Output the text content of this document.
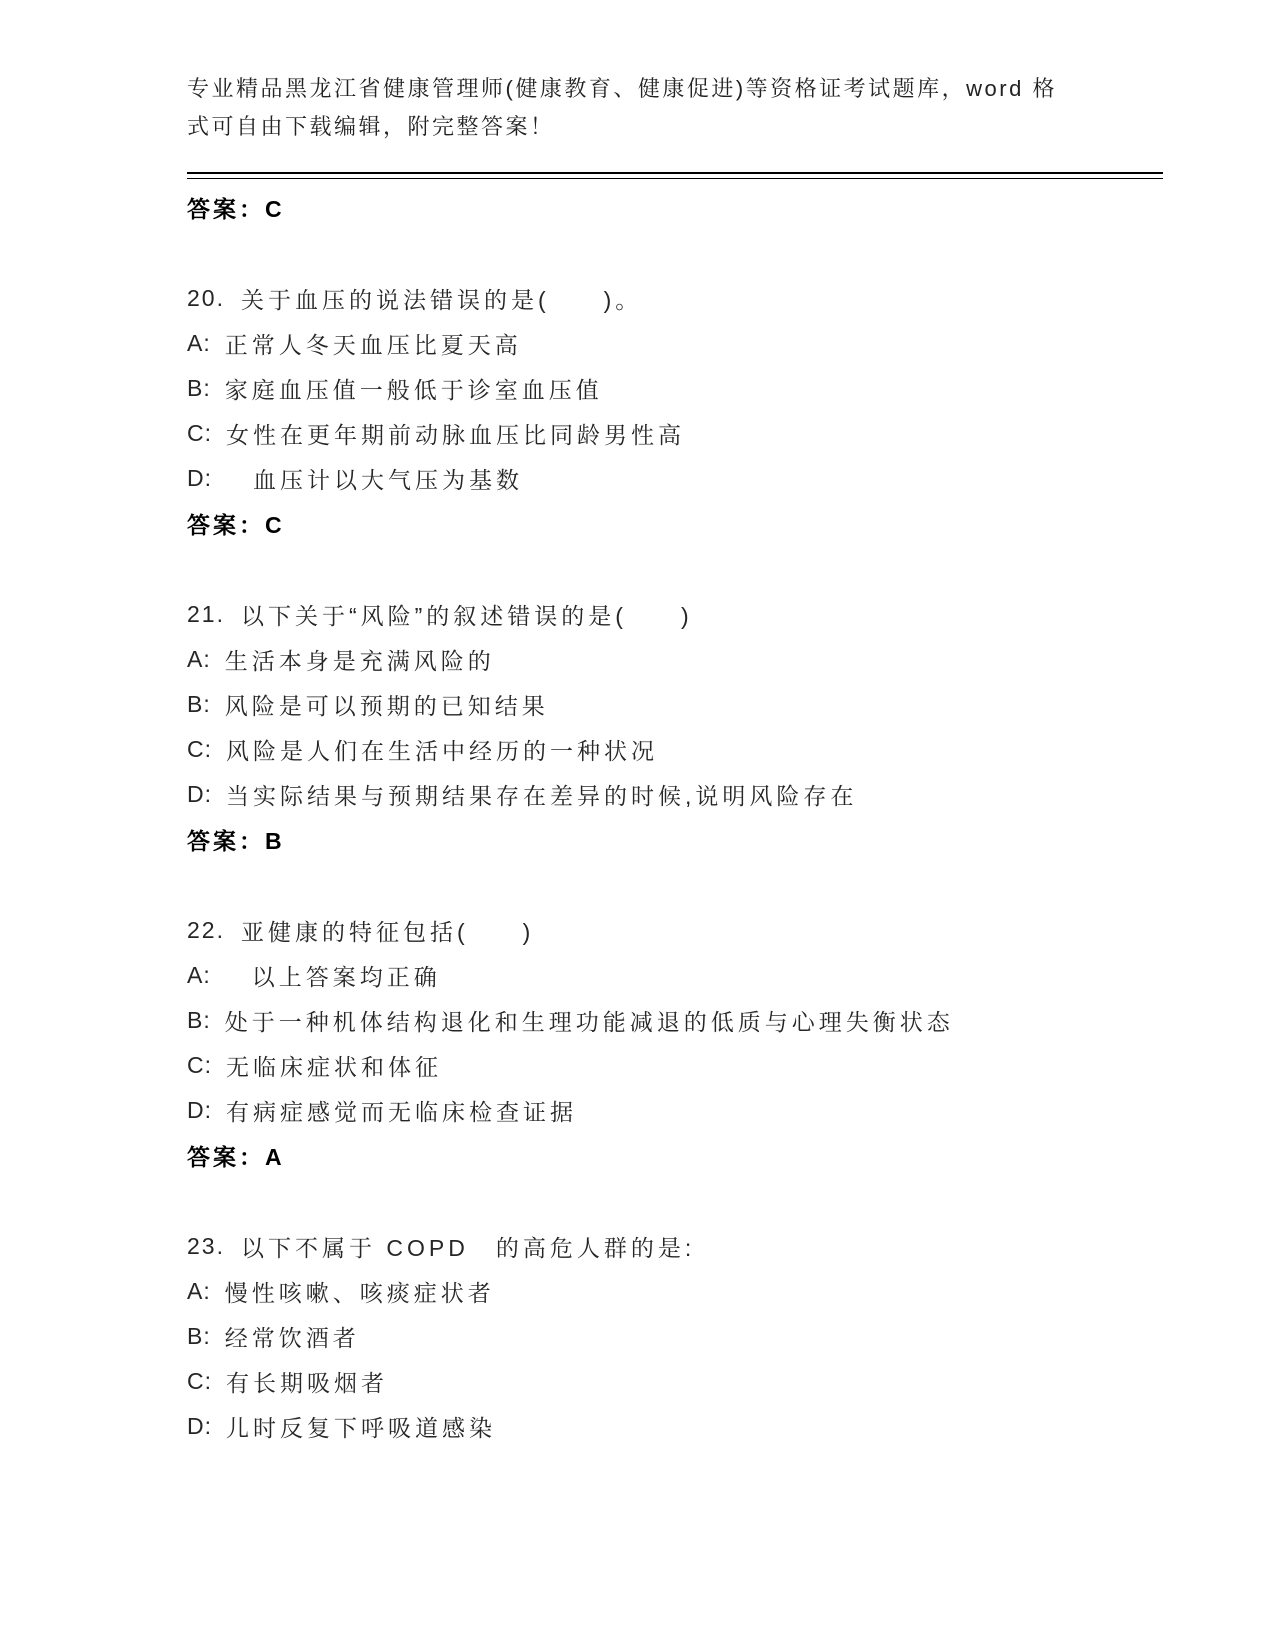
专业精品黑龙江省健康管理师(健康教育、健康促进)等资格证考试题库，word 格

式可自由下载编辑，附完整答案！

答案：C
20. 关于血压的说法错误的是(　　)。
A: 正常人冬天血压比夏天高
B: 家庭血压值一般低于诊室血压值
C: 女性在更年期前动脉血压比同龄男性高
D: 　血压计以大气压为基数
答案：C
21. 以下关于“风险”的叙述错误的是(　　)
A: 生活本身是充满风险的
B: 风险是可以预期的已知结果
C: 风险是人们在生活中经历的一种状况
D: 当实际结果与预期结果存在差异的时候,说明风险存在
答案：B
22. 亚健康的特征包括(　　)
A: 　以上答案均正确
B: 处于一种机体结构退化和生理功能减退的低质与心理失衡状态
C: 无临床症状和体征
D: 有病症感觉而无临床检查证据
答案：A
23. 以下不属于 COPD　的高危人群的是:
A: 慢性咳嗽、咳痰症状者
B: 经常饮酒者
C: 有长期吸烟者
D: 儿时反复下呼吸道感染
